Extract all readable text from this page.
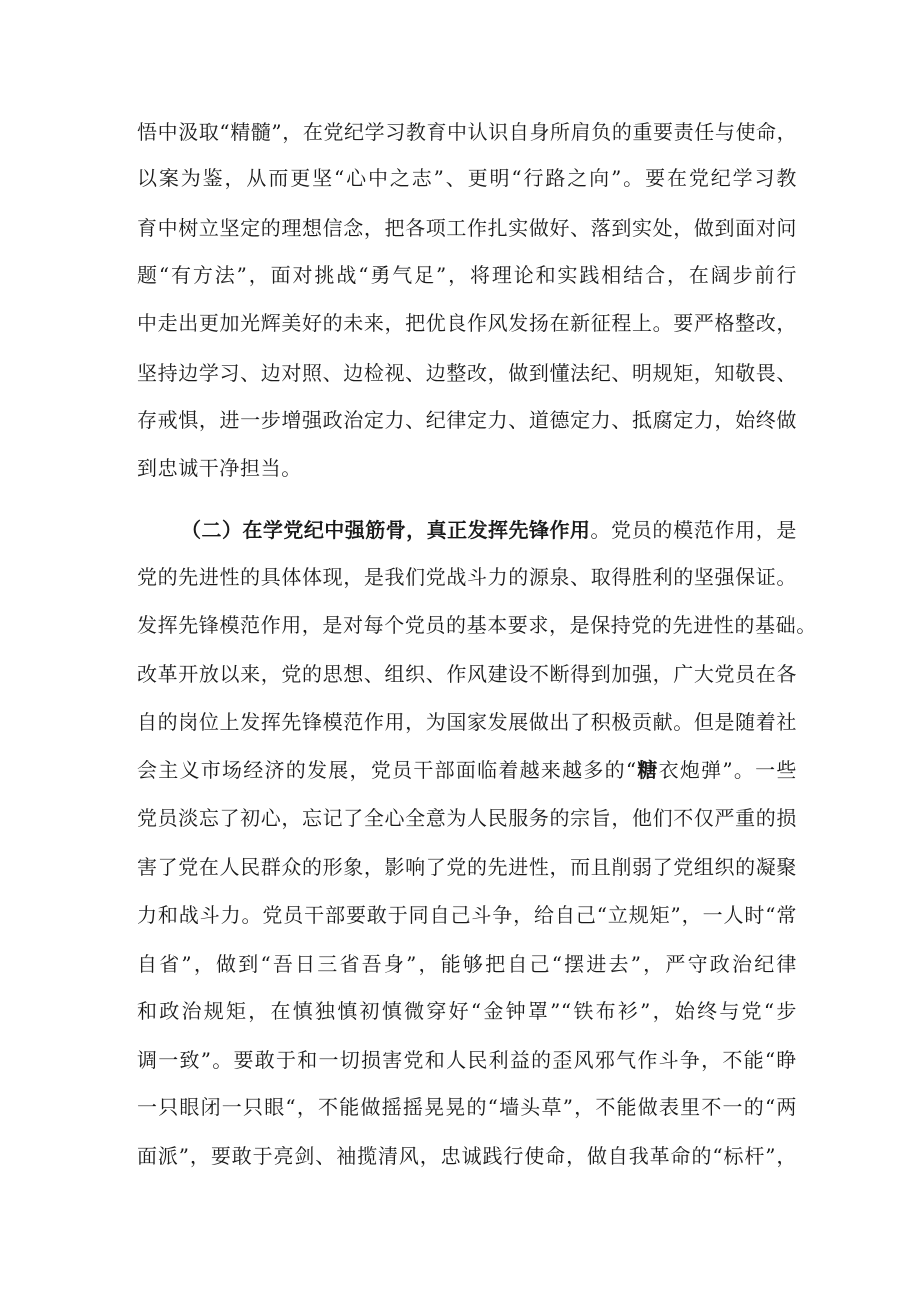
悟中汲取“精髓”，在党纪学习教育中认识自身所肩负的重要责任与使命，
以案为鉴，从而更坚“心中之志”、更明“行路之向”。要在党纪学习教
育中树立坚定的理想信念，把各项工作扎实做好、落到实处，做到面对问
题“有方法”，面对挑战“勇气足”，将理论和实践相结合，在阔步前行
中走出更加光辉美好的未来，把优良作风发扬在新征程上。要严格整改，
坚持边学习、边对照、边检视、边整改，做到懂法纪、明规矩，知敬畏、
存戒惧，进一步增强政治定力、纪律定力、道德定力、抵腐定力，始终做
到忠诚干净担当。
（二）在学党纪中强筋骨，真正发挥先锋作用。党员的模范作用，是
党的先进性的具体体现，是我们党战斗力的源泉、取得胜利的坚强保证。
发挥先锋模范作用，是对每个党员的基本要求，是保持党的先进性的基础。
改革开放以来，党的思想、组织、作风建设不断得到加强，广大党员在各
自的岗位上发挥先锋模范作用，为国家发展做出了积极贡献。但是随着社
会主义市场经济的发展，党员干部面临着越来越多的“糖衣炮弹”。一些
党员淡忘了初心，忘记了全心全意为人民服务的宗旨，他们不仅严重的损
害了党在人民群众的形象，影响了党的先进性，而且削弱了党组织的凝聚
力和战斗力。党员干部要敢于同自己斗争，给自己“立规矩”，一人时“常
自省”，做到“吾日三省吾身”，能够把自己“摆进去”，严守政治纪律
和政治规矩，在慎独慎初慎微穿好“金钟罩”“铁布衫”，始终与党“步
调一致”。要敢于和一切损害党和人民利益的歪风邪气作斗争，不能“睁
一只眼闭一只眼“，不能做摇摇晃晃的“墙头草”，不能做表里不一的“两
面派”，要敢于亮剑、袖揽清风，忠诚践行使命，做自我革命的“标杆”，
